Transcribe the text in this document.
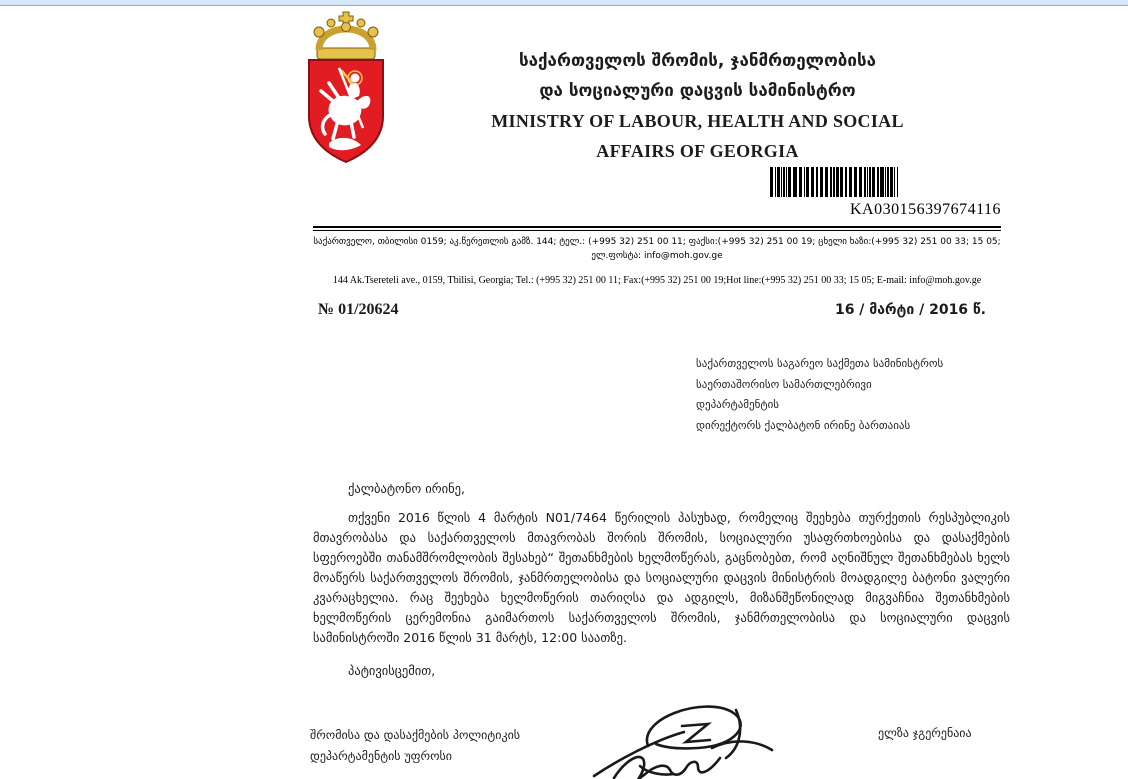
საქართველოს შრომის, ჯანმრთელობისა
და სოციალური დაცვის სამინისტრო
MINISTRY OF LABOUR, HEALTH AND SOCIAL
AFFAIRS OF GEORGIA
KA030156397674116
საქართველო, თბილისი 0159; აკ.წერეთლის გამზ. 144; ტელ.: (+995 32) 251 00 11; ფაქსი:(+995 32) 251 00 19; ცხელი ხაზი:(+995 32) 251 00 33; 15 05;
ელ.ფოსტა: info@moh.gov.ge
144 Ak.Tsereteli ave., 0159, Tbilisi, Georgia; Tel.: (+995 32) 251 00 11; Fax:(+995 32) 251 00 19;Hot line:(+995 32) 251 00 33; 15 05; E-mail: info@moh.gov.ge
№ 01/20624	16 / მარტი / 2016 წ.
საქართველოს საგარეო საქმეთა სამინისტროს
საერთაშორისო სამართლებრივი დეპარტამენტის
დირექტორს ქალბატონ ირინე ბართაიას
ქალბატონო ირინე,
თქვენი 2016 წლის 4 მარტის N01/7464 წერილის პასუხად, რომელიც შეეხება თურქეთის რესპუბლიკის მთავრობასა და საქართველოს მთავრობას შორის შრომის, სოციალური უსაფრთხოებისა და დასაქმების სფეროებში თანამშრომლობის შესახებ“ შეთანხმების ხელმოწერას, გაცნობებთ, რომ აღნიშნულ შეთანხმებას ხელს მოაწერს საქართველოს შრომის, ჯანმრთელობისა და სოციალური დაცვის მინისტრის მოადგილე ბატონი ვალერი კვარაცხელია. რაც შეეხება ხელმოწერის თარიღსა და ადგილს, მიზანშეწონილად მიგვაჩნია შეთანხმების ხელმოწერის ცერემონია გაიმართოს საქართველოს შრომის, ჯანმრთელობისა და სოციალური დაცვის სამინისტროში 2016 წლის 31 მარტს, 12:00 საათზე.
პატივისცემით,
შრომისა და დასაქმების პოლიტიკის
დეპარტამენტის უფროსი
ელზა ჯგერენაია
